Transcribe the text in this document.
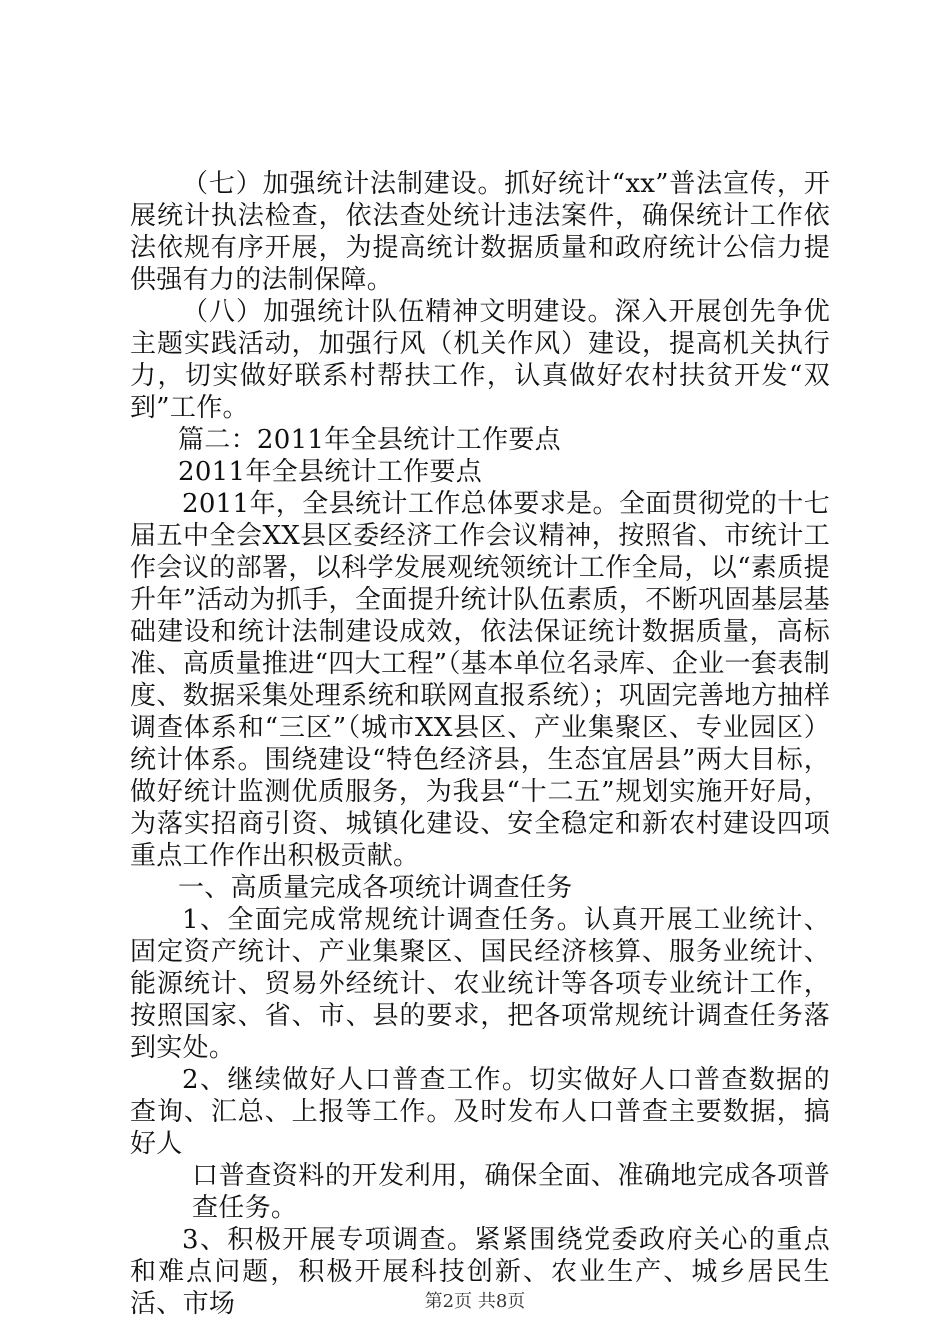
（七）加强统计法制建设。抓好统计“xx”普法宣传，开展统计执法检查，依法查处统计违法案件，确保统计工作依法依规有序开展，为提高统计数据质量和政府统计公信力提供强有力的法制保障。

（八）加强统计队伍精神文明建设。深入开展创先争优主题实践活动，加强行风（机关作风）建设，提高机关执行力，切实做好联系村帮扶工作，认真做好农村扶贫开发“双到”工作。

篇二：2011年全县统计工作要点

2011年全县统计工作要点

2011年，全县统计工作总体要求是。全面贯彻党的十七届五中全会XX县区委经济工作会议精神，按照省、市统计工作会议的部署，以科学发展观统领统计工作全局，以“素质提升年”活动为抓手，全面提升统计队伍素质，不断巩固基层基础建设和统计法制建设成效，依法保证统计数据质量，高标准、高质量推进“四大工程”（基本单位名录库、企业一套表制度、数据采集处理系统和联网直报系统）；巩固完善地方抽样调查体系和“三区”（城市XX县区、产业集聚区、专业园区）统计体系。围绕建设“特色经济县，生态宜居县”两大目标，做好统计监测优质服务，为我县“十二五”规划实施开好局，为落实招商引资、城镇化建设、安全稳定和新农村建设四项重点工作作出积极贡献。

一、高质量完成各项统计调查任务

1、全面完成常规统计调查任务。认真开展工业统计、固定资产统计、产业集聚区、国民经济核算、服务业统计、能源统计、贸易外经统计、农业统计等各项专业统计工作，按照国家、省、市、县的要求，把各项常规统计调查任务落到实处。

2、继续做好人口普查工作。切实做好人口普查数据的查询、汇总、上报等工作。及时发布人口普查主要数据，搞好人

口普查资料的开发利用，确保全面、准确地完成各项普查任务。

3、积极开展专项调查。紧紧围绕党委政府关心的重点和难点问题，积极开展科技创新、农业生产、城乡居民生活、市场	第2页 共8页
